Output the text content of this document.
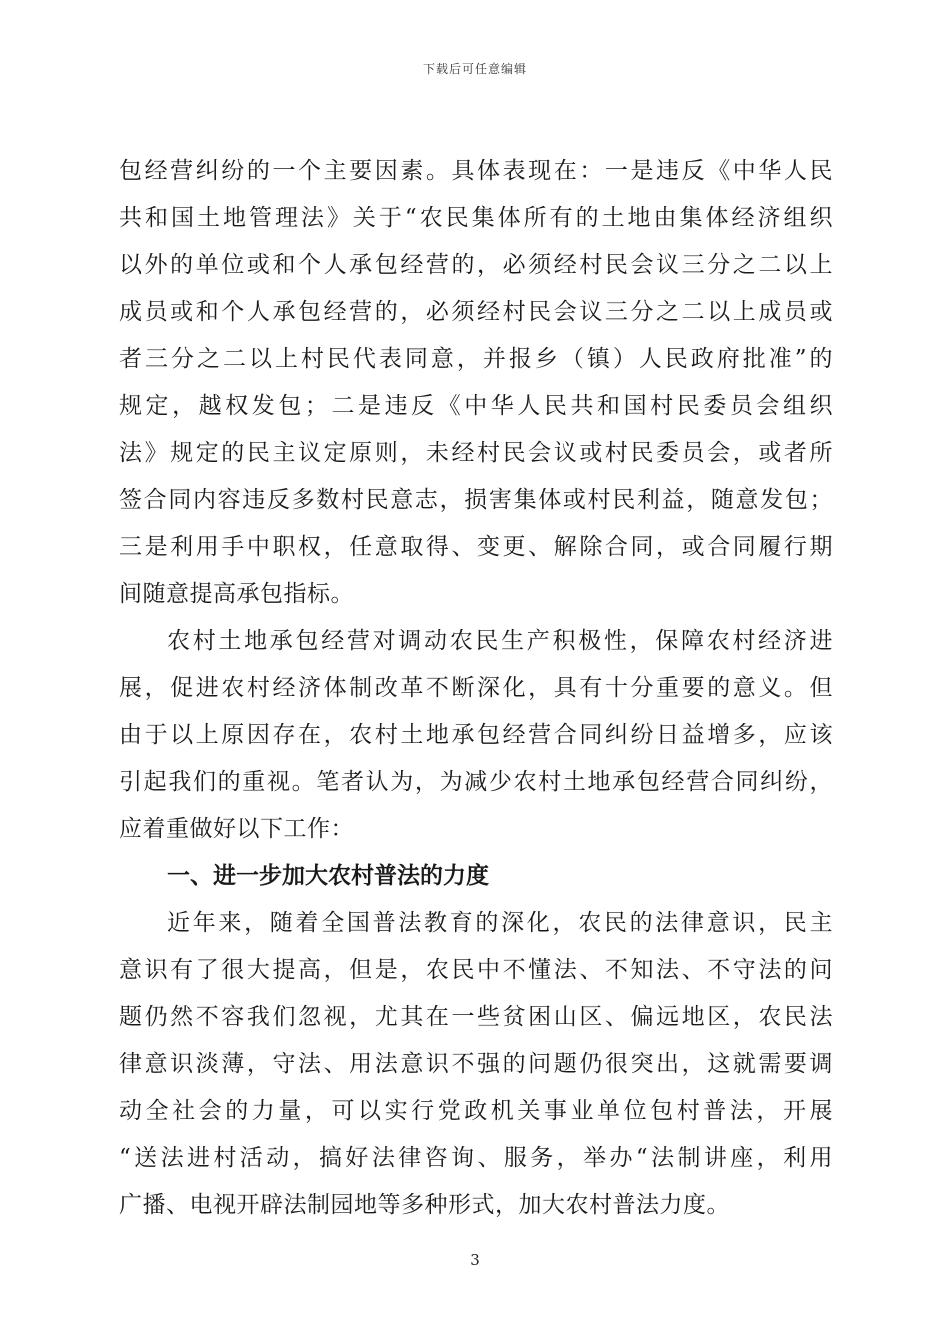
下载后可任意编辑
包经营纠纷的一个主要因素。具体表现在：一是违反《中华人民
共和国土地管理法》关于“农民集体所有的土地由集体经济组织
以外的单位或和个人承包经营的，必须经村民会议三分之二以上
成员或和个人承包经营的，必须经村民会议三分之二以上成员或
者三分之二以上村民代表同意，并报乡（镇）人民政府批准”的
规定，越权发包；二是违反《中华人民共和国村民委员会组织
法》规定的民主议定原则，未经村民会议或村民委员会，或者所
签合同内容违反多数村民意志，损害集体或村民利益，随意发包；
三是利用手中职权，任意取得、变更、解除合同，或合同履行期
间随意提高承包指标。
农村土地承包经营对调动农民生产积极性，保障农村经济进
展，促进农村经济体制改革不断深化，具有十分重要的意义。但
由于以上原因存在，农村土地承包经营合同纠纷日益增多，应该
引起我们的重视。笔者认为，为减少农村土地承包经营合同纠纷，
应着重做好以下工作：
一、进一步加大农村普法的力度
近年来，随着全国普法教育的深化，农民的法律意识，民主
意识有了很大提高，但是，农民中不懂法、不知法、不守法的问
题仍然不容我们忽视，尤其在一些贫困山区、偏远地区，农民法
律意识淡薄，守法、用法意识不强的问题仍很突出，这就需要调
动全社会的力量，可以实行党政机关事业单位包村普法，开展
“送法进村活动，搞好法律咨询、服务，举办“法制讲座，利用
广播、电视开辟法制园地等多种形式，加大农村普法力度。
3
